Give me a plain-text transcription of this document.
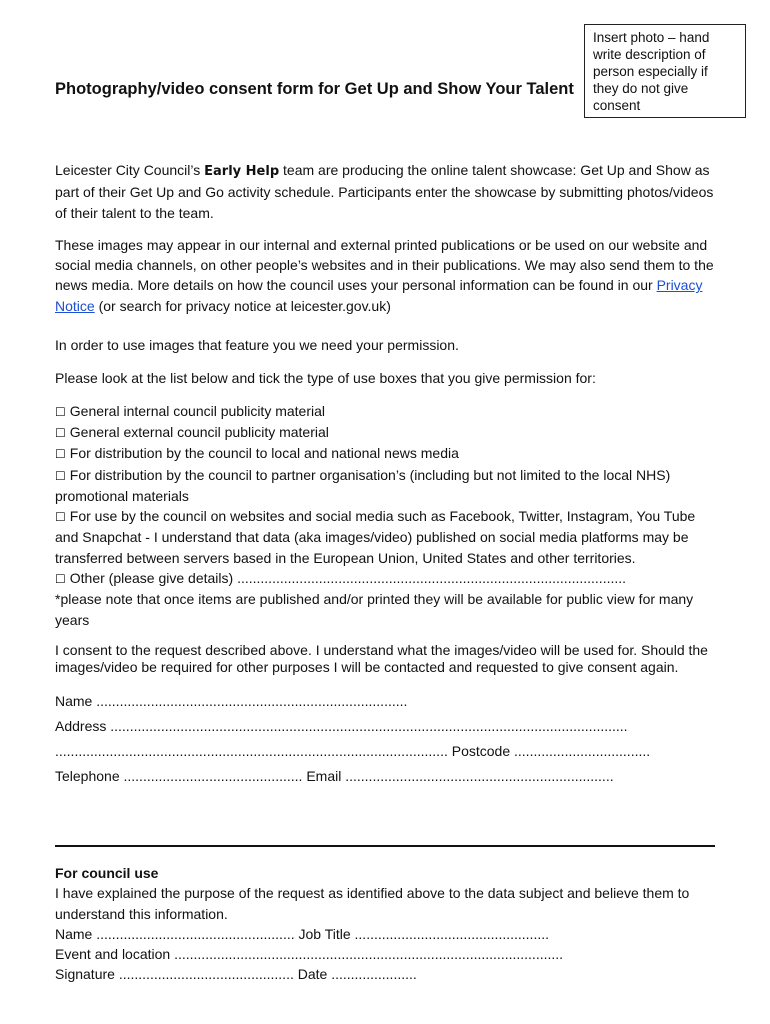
Insert photo – hand write description of person especially if they do not give consent
Photography/video consent form for Get Up and Show Your Talent

Leicester City Council’s Early Help team are producing the online talent showcase: Get Up and Show as part of their Get Up and Go activity schedule. Participants enter the showcase by submitting photos/videos of their talent to the team.

These images may appear in our internal and external printed publications or be used on our website and social media channels, on other people’s websites and in their publications. We may also send them to the news media. More details on how the council uses your personal information can be found in our Privacy Notice (or search for privacy notice at leicester.gov.uk)

In order to use images that feature you we need your permission.

Please look at the list below and tick the type of use boxes that you give permission for:

☐ General internal council publicity material
☐ General external council publicity material
☐ For distribution by the council to local and national news media
☐ For distribution by the council to partner organisation’s (including but not limited to the local NHS) promotional materials
☐ For use by the council on websites and social media such as Facebook, Twitter, Instagram, You Tube and Snapchat - I understand that data (aka images/video) published on social media platforms may be transferred between servers based in the European Union, United States and other territories.
☐ Other (please give details) ....................................................................................................
*please note that once items are published and/or printed they will be available for public view for many years

I consent to the request described above. I understand what the images/video will be used for. Should the images/video be required for other purposes I will be contacted and requested to give consent again.

Name ................................................................................
Address .....................................................................................................................................
..................................................................................................... Postcode ...................................
Telephone .............................................. Email .....................................................................

For council use

I have explained the purpose of the request as identified above to the data subject and believe them to understand this information.

Name ................................................... Job Title ..................................................
Event and location ....................................................................................................
Signature ............................................. Date ......................
